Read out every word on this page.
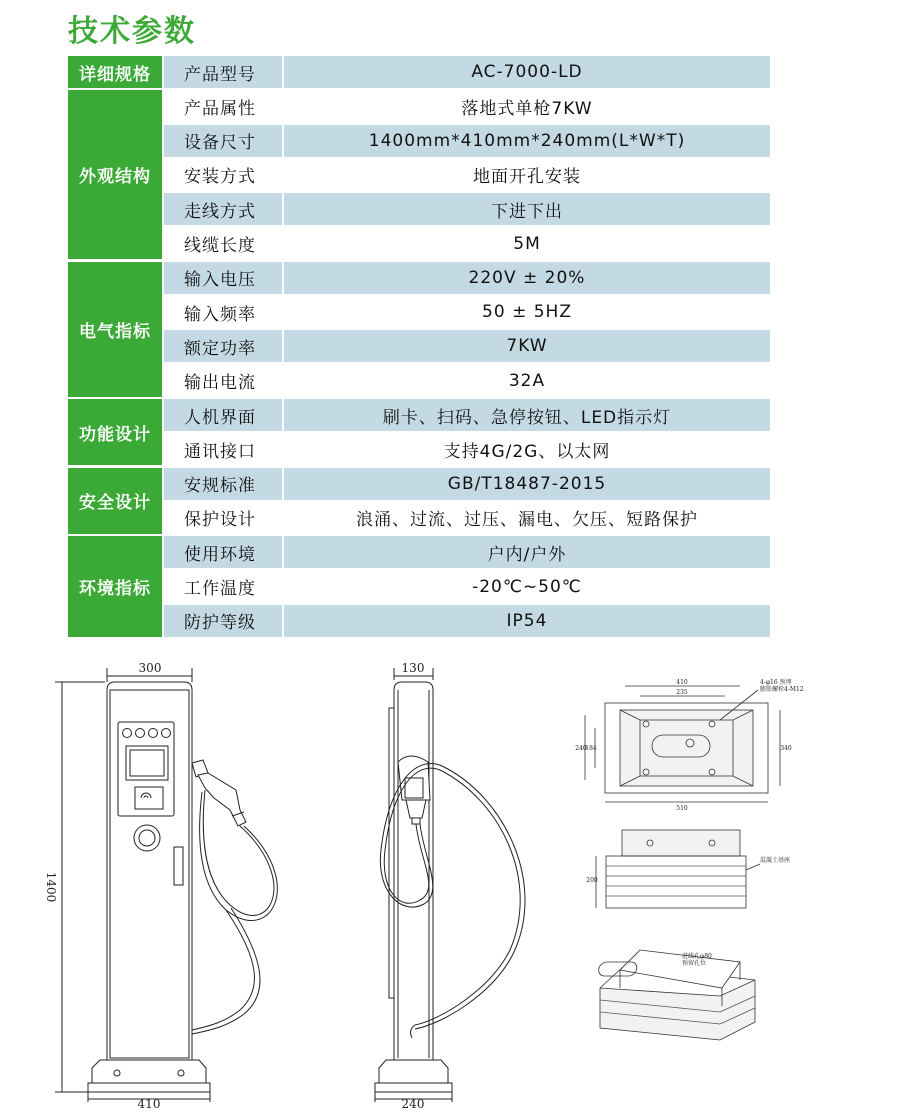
技术参数
详细规格	产品型号	AC-7000-LD
外观结构
产品属性	落地式单枪7KW
设备尺寸	1400mm*410mm*240mm(L*W*T)
安装方式	地面开孔安装
走线方式	下进下出
线缆长度	5M
电气指标
输入电压	220V ± 20%
输入频率	50 ± 5HZ
额定功率	7KW
输出电流	32A
功能设计
人机界面	刷卡、扫码、急停按钮、LED指示灯
通讯接口	支持4G/2G、以太网
安全设计
安规标准	GB/T18487-2015
保护设计	浪涌、过流、过压、漏电、欠压、短路保护
环境指标
使用环境	户内/户外
工作温度	-20℃~50℃
防护等级	IP54
300
1400
410
130
240
410
235
240
184	340
510
4-φ16 预埋
膨胀螺栓4-M12
200
混凝土基座
进线孔φ80
预留孔位
